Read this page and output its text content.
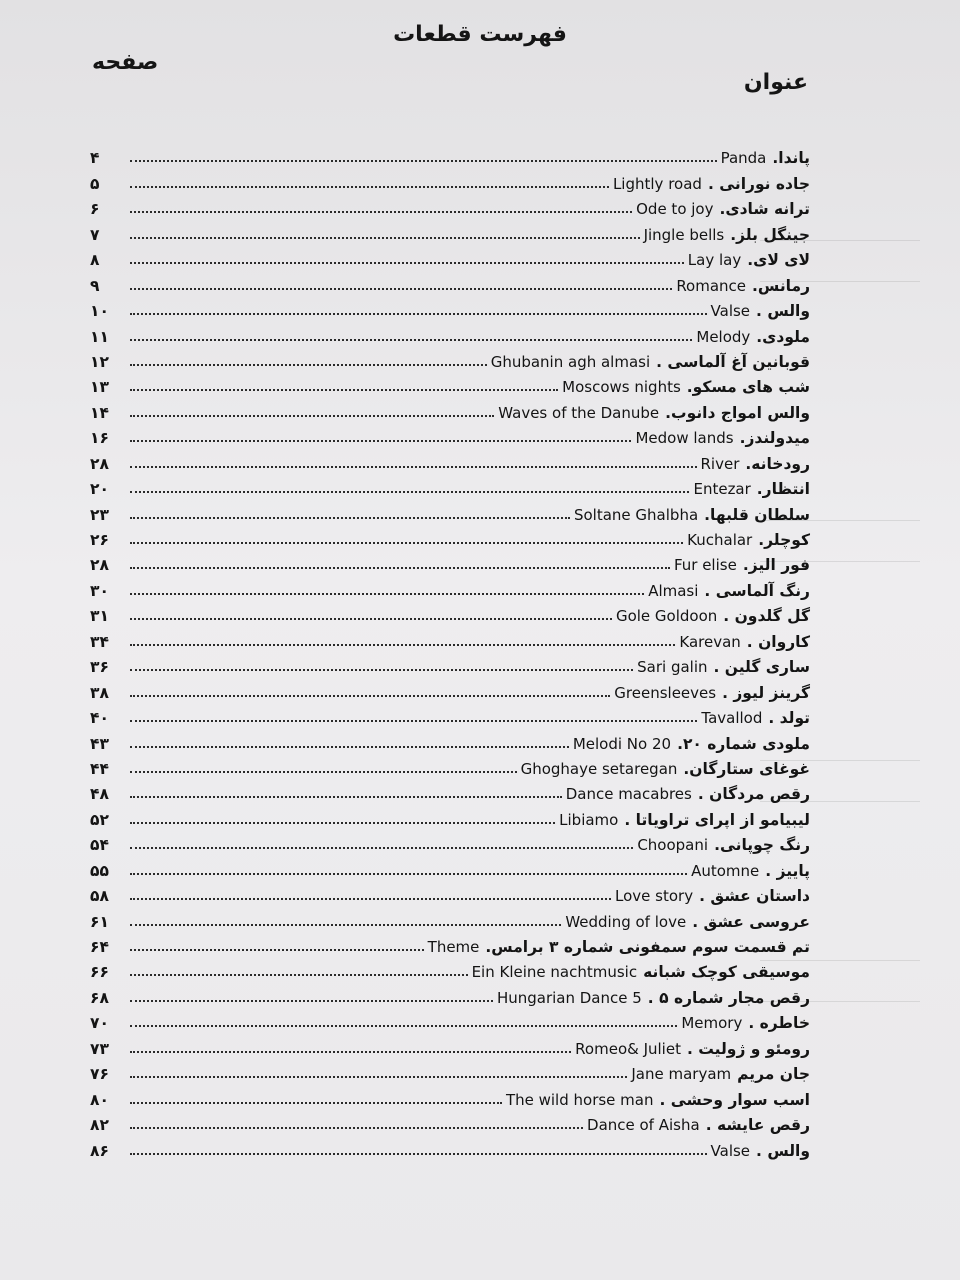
فهرست قطعات
صفحه
عنوان
پاندا.
Panda
۴
جاده نورانی .
Lightly road
۵
ترانه شادی.
Ode to joy
۶
جینگل بلز.
Jingle bells
۷
لای لای.
Lay lay
۸
رمانس.
Romance
۹
والس .
Valse
۱۰
ملودی.
Melody
۱۱
قوبانین آغ آلماسی .
Ghubanin agh almasi
۱۲
شب های مسکو.
Moscows nights
۱۳
والس امواج دانوب.
Waves of the Danube
۱۴
میدولندز.
Medow lands
۱۶
رودخانه.
River
۲۸
انتظار.
Entezar
۲۰
سلطان قلبها.
Soltane Ghalbha
۲۳
کوچلر.
Kuchalar
۲۶
فور الیز.
Fur elise
۲۸
رنگ آلماسی .
Almasi
۳۰
گل گلدون .
Gole Goldoon
۳۱
کاروان .
Karevan
۳۴
ساری گلین .
Sari galin
۳۶
گرینز لیوز .
Greensleeves
۳۸
تولد .
Tavallod
۴۰
ملودی شماره ۲۰.
Melodi No 20
۴۳
غوغای ستارگان.
Ghoghaye setaregan
۴۴
رقص مردگان .
Dance macabres
۴۸
لیبیامو از اپرای تراویاتا .
Libiamo
۵۲
رنگ چوپانی.
Choopani
۵۴
پاییز .
Automne
۵۵
داستان عشق .
Love story
۵۸
عروسی عشق .
Wedding of love
۶۱
تم قسمت سوم سمفونی شماره ۳ برامس.
Theme
۶۴
موسیقی کوچک شبانه
Ein Kleine nachtmusic
۶۶
رقص مجار شماره ۵ .
Hungarian Dance 5
۶۸
خاطره .
Memory
۷۰
رومئو و ژولیت .
Romeo& Juliet
۷۳
جان مریم
Jane maryam
۷۶
اسب سوار وحشی .
The wild horse man
۸۰
رقص عایشه .
Dance of Aisha
۸۲
والس .
Valse
۸۶
